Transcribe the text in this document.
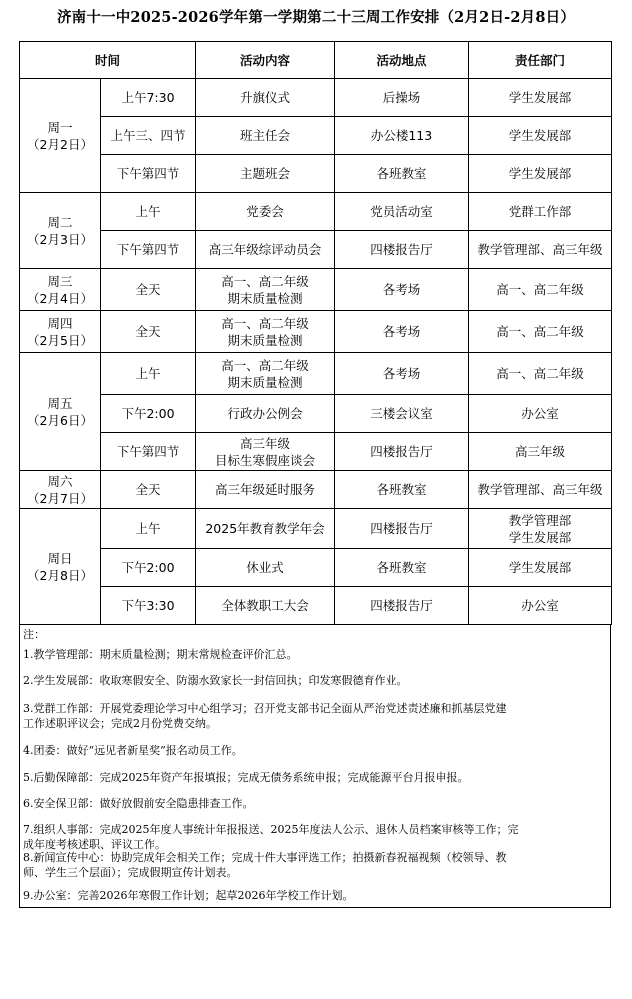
济南十一中2025-2026学年第一学期第二十三周工作安排（2月2日-2月8日）
时间		活动内容	活动地点	责任部门

周一
（2月2日）	上午7:30	升旗仪式	后操场	学生发展部

	上午三、四节	班主任会	办公楼113	学生发展部

	下午第四节	主题班会	各班教室	学生发展部

周二
（2月3日）	上午	党委会	党员活动室	党群工作部

	下午第四节	高三年级综评动员会	四楼报告厅	教学管理部、高三年级

周三
（2月4日）	全天	高一、高二年级
期末质量检测	各考场	高一、高二年级

周四
（2月5日）	全天	高一、高二年级
期末质量检测	各考场	高一、高二年级

周五
（2月6日）	上午	高一、高二年级
期末质量检测	各考场	高一、高二年级

	下午2:00	行政办公例会	三楼会议室	办公室

	下午第四节	高三年级
目标生寒假座谈会	四楼报告厅	高三年级

周六
（2月7日）	全天	高三年级延时服务	各班教室	教学管理部、高三年级

周日
（2月8日）	上午	2025年教育教学年会	四楼报告厅	教学管理部
学生发展部

	下午2:00	休业式	各班教室	学生发展部

	下午3:30	全体教职工大会	四楼报告厅	办公室
注：
1.教学管理部：期末质量检测；期末常规检查评价汇总。
2.学生发展部：收取寒假安全、防溺水致家长一封信回执；印发寒假德育作业。
3.党群工作部：开展党委理论学习中心组学习；召开党支部书记全面从严治党述责述廉和抓基层党建
工作述职评议会；完成2月份党费交纳。
4.团委：做好“远见者新星奖”报名动员工作。
5.后勤保障部：完成2025年资产年报填报；完成无债务系统申报；完成能源平台月报申报。
6.安全保卫部：做好放假前安全隐患排查工作。
7.组织人事部：完成2025年度人事统计年报报送、2025年度法人公示、退休人员档案审核等工作；完
成年度考核述职、评议工作。
8.新闻宣传中心：协助完成年会相关工作；完成十件大事评选工作；拍摄新春祝福视频（校领导、教
师、学生三个层面）；完成假期宣传计划表。
9.办公室：完善2026年寒假工作计划；起草2026年学校工作计划。
